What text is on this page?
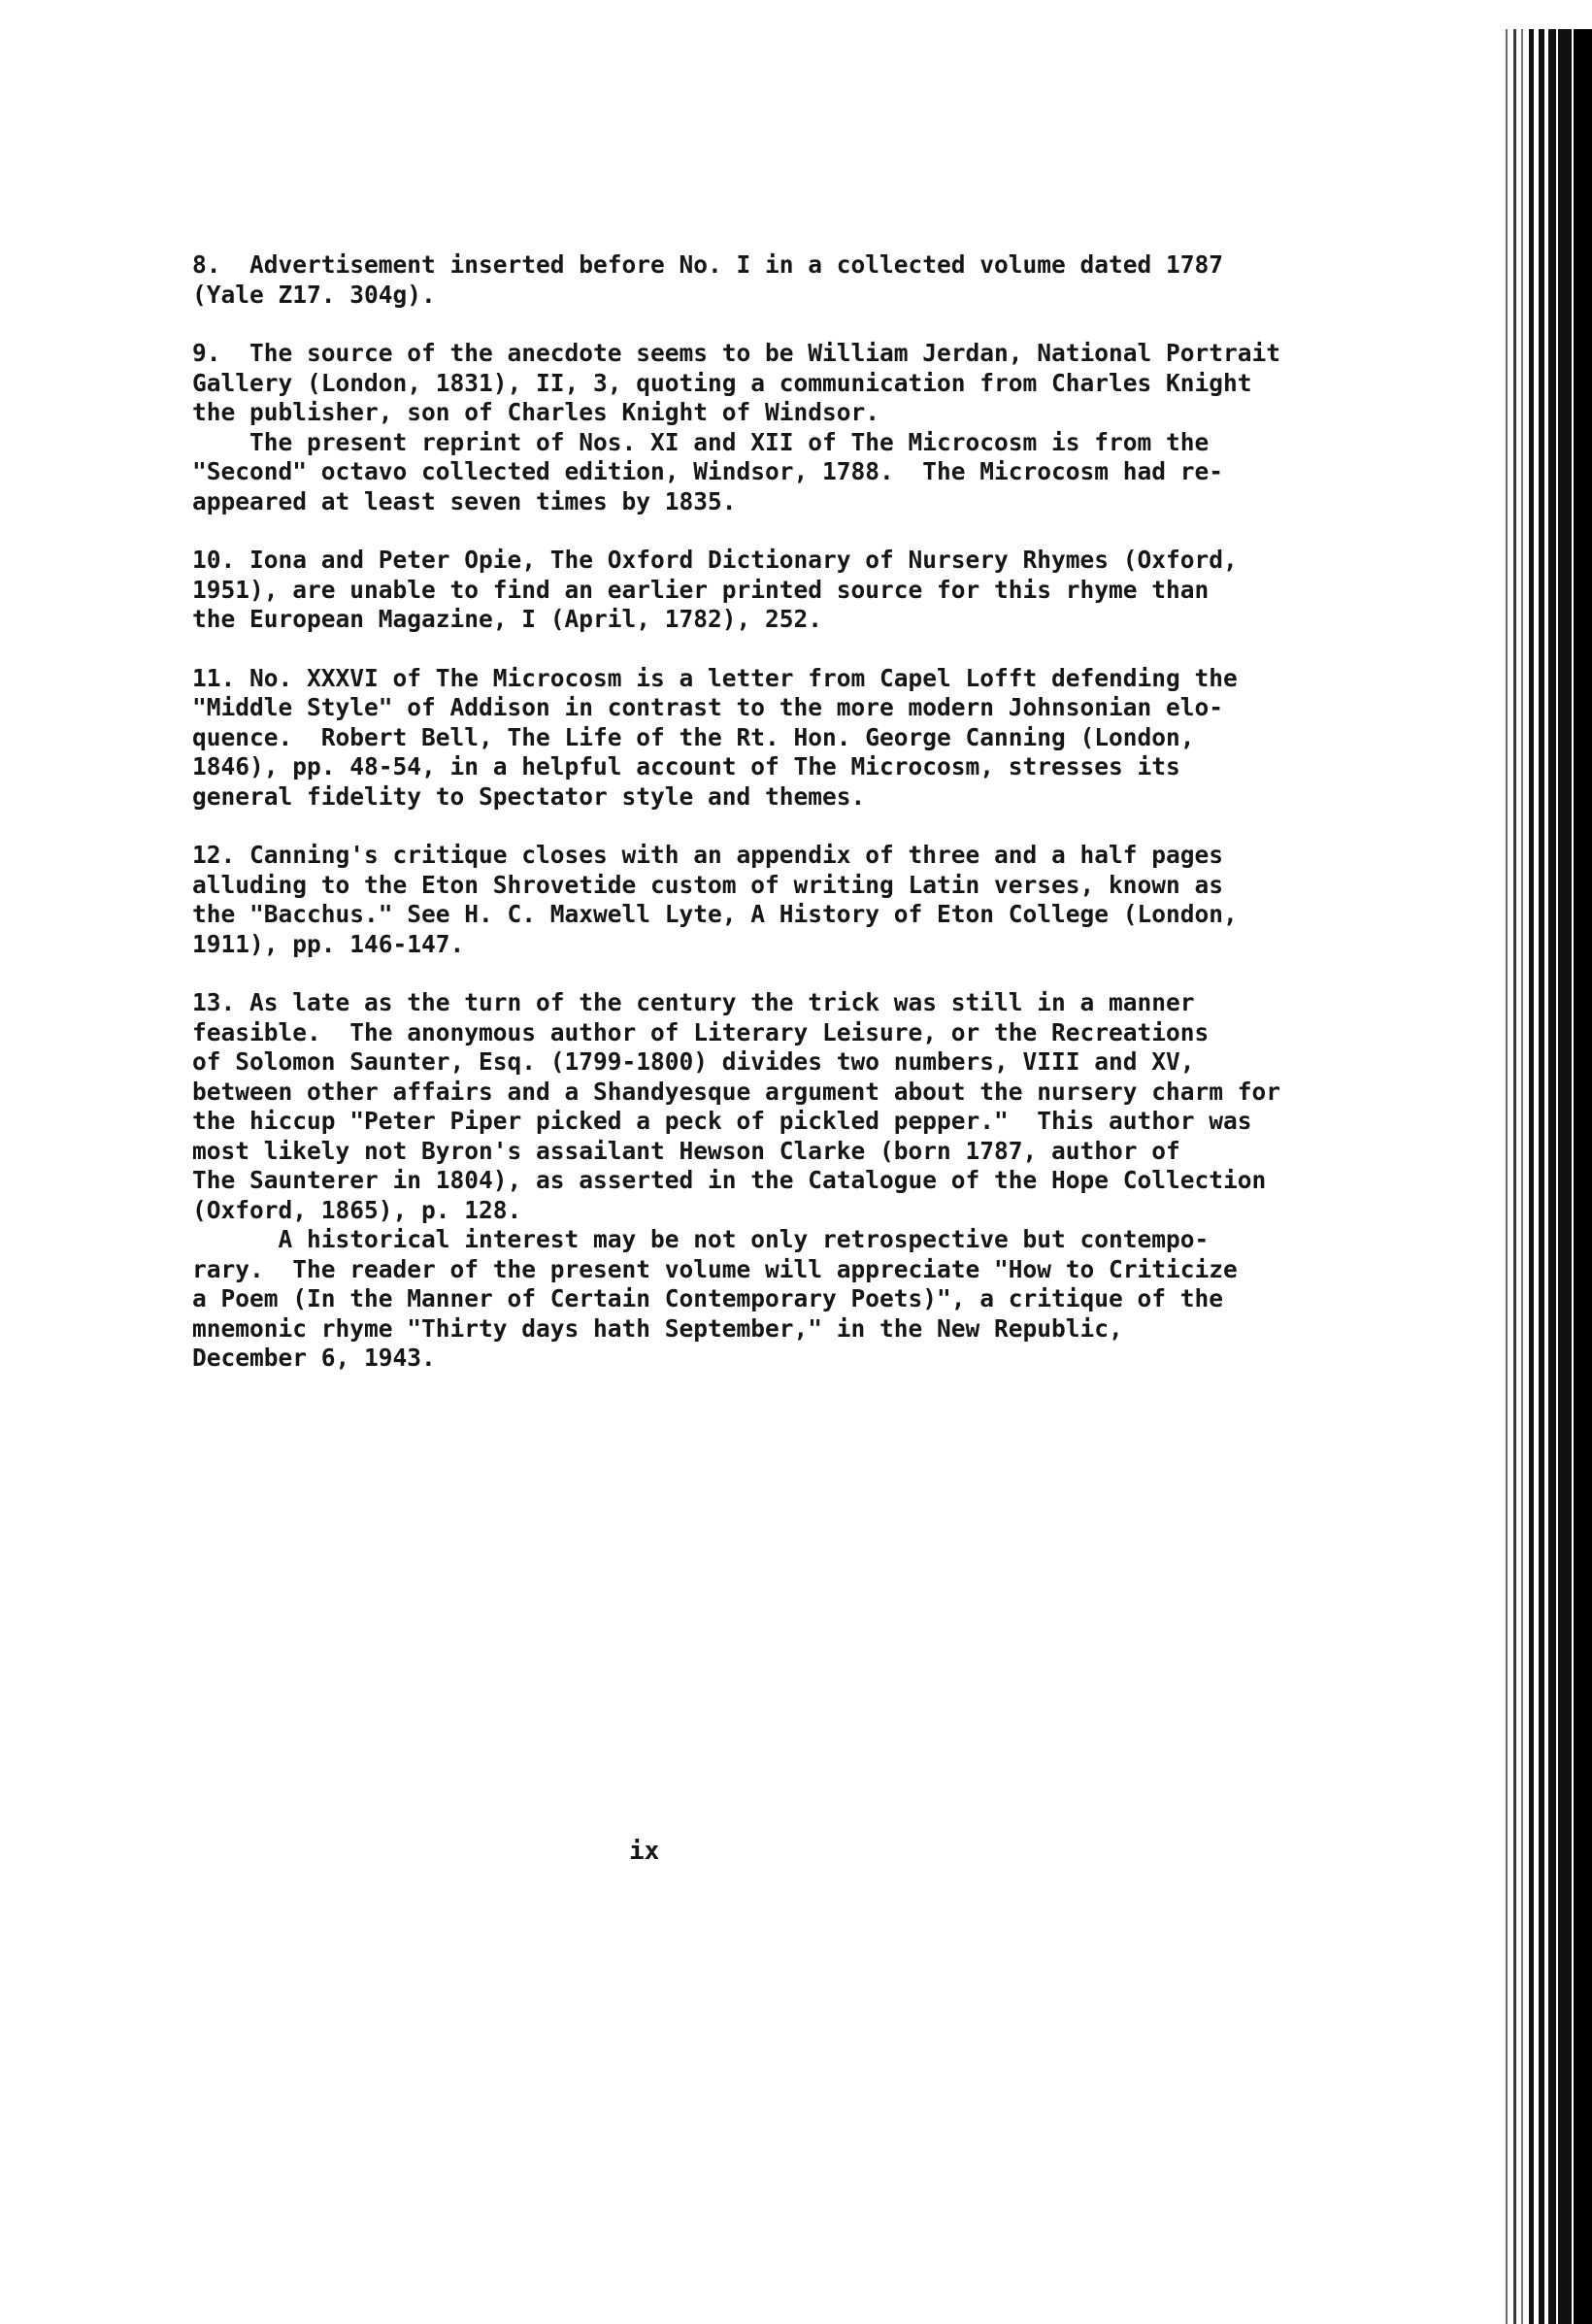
8.  Advertisement inserted before No. I in a collected volume dated 1787

(Yale Z17. 304g).

9.  The source of the anecdote seems to be William Jerdan, National Portrait

Gallery (London, 1831), II, 3, quoting a communication from Charles Knight

the publisher, son of Charles Knight of Windsor.

The present reprint of Nos. XI and XII of The Microcosm is from the

"Second" octavo collected edition, Windsor, 1788.  The Microcosm had re-

appeared at least seven times by 1835.

10. Iona and Peter Opie, The Oxford Dictionary of Nursery Rhymes (Oxford,

1951), are unable to find an earlier printed source for this rhyme than

the European Magazine, I (April, 1782), 252.

11. No. XXXVI of The Microcosm is a letter from Capel Lofft defending the

"Middle Style" of Addison in contrast to the more modern Johnsonian elo-

quence.  Robert Bell, The Life of the Rt. Hon. George Canning (London,

1846), pp. 48-54, in a helpful account of The Microcosm, stresses its

general fidelity to Spectator style and themes.

12. Canning's critique closes with an appendix of three and a half pages

alluding to the Eton Shrovetide custom of writing Latin verses, known as

the "Bacchus." See H. C. Maxwell Lyte, A History of Eton College (London,

1911), pp. 146-147.

13. As late as the turn of the century the trick was still in a manner

feasible.  The anonymous author of Literary Leisure, or the Recreations

of Solomon Saunter, Esq. (1799-1800) divides two numbers, VIII and XV,

between other affairs and a Shandyesque argument about the nursery charm for

the hiccup "Peter Piper picked a peck of pickled pepper."  This author was

most likely not Byron's assailant Hewson Clarke (born 1787, author of

The Saunterer in 1804), as asserted in the Catalogue of the Hope Collection

(Oxford, 1865), p. 128.

A historical interest may be not only retrospective but contempo-

rary.  The reader of the present volume will appreciate "How to Criticize

a Poem (In the Manner of Certain Contemporary Poets)", a critique of the

mnemonic rhyme "Thirty days hath September," in the New Republic,

December 6, 1943.

ix
